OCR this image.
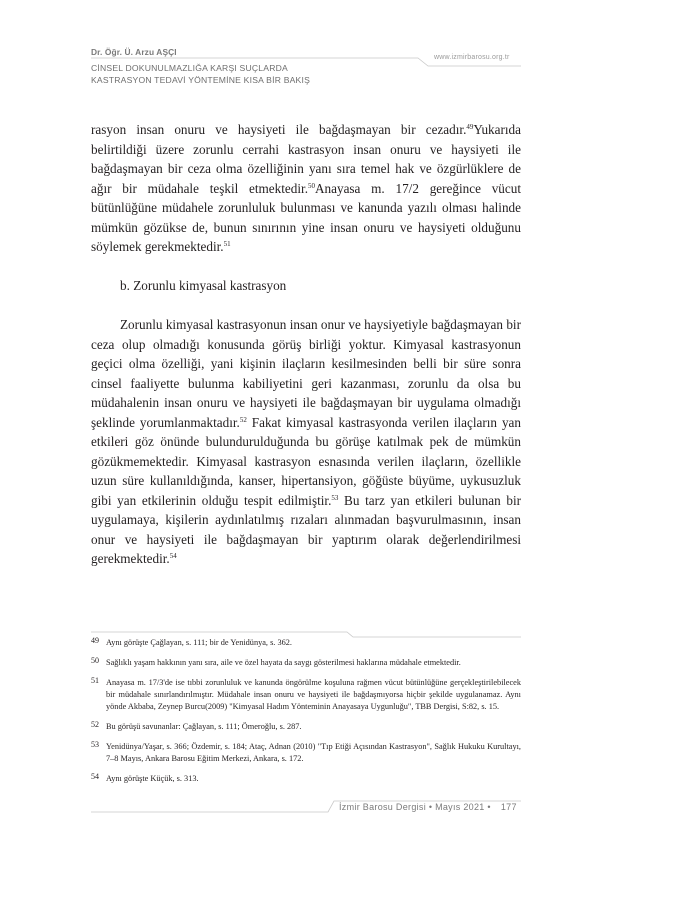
Dr. Öğr. Ü. Arzu AŞÇI
CİNSEL DOKUNULMAZLIĞA KARŞI SUÇLARDA
KASTRASYON TEDAVİ YÖNTEMİNE KISA BİR BAKIŞ
www.izmirbarosu.org.tr

rasyon insan onuru ve haysiyeti ile bağdaşmayan bir cezadır.$^{49}$Yukarıda belirtildiği üzere zorunlu cerrahi kastrasyon insan onuru ve haysiyeti ile bağdaşmayan bir ceza olma özelliğinin yanı sıra temel hak ve özgürlüklere de ağır bir müdahale teşkil etmektedir.$^{50}$Anayasa m. 17/2 gereğince vücut bütünlüğüne müdahele zorunluluk bulunması ve kanunda yazılı olması halinde mümkün gözükse de, bunun sınırının yine insan onuru ve haysiyeti olduğunu söylemek gerekmektedir.$^{51}$

b. Zorunlu kimyasal kastrasyon

Zorunlu kimyasal kastrasyonun insan onur ve haysiyetiyle bağdaşmayan bir ceza olup olmadığı konusunda görüş birliği yoktur. Kimyasal kastrasyonun geçici olma özelliği, yani kişinin ilaçların kesilmesinden belli bir süre sonra cinsel faaliyette bulunma kabiliyetini geri kazanması, zorunlu da olsa bu müdahalenin insan onuru ve haysiyeti ile bağdaşmayan bir uygulama olmadığı şeklinde yorumlanmaktadır.$^{52}$ Fakat kimyasal kastrasyonda verilen ilaçların yan etkileri göz önünde bulundurulduğunda bu görüşe katılmak pek de mümkün gözükmemektedir. Kimyasal kastrasyon esnasında verilen ilaçların, özellikle uzun süre kullanıldığında, kanser, hipertansiyon, göğüste büyüme, uykusuzluk gibi yan etkilerinin olduğu tespit edilmiştir.$^{53}$ Bu tarz yan etkileri bulunan bir uygulamaya, kişilerin aydınlatılmış rızaları alınmadan başvurulmasının, insan onur ve haysiyeti ile bağdaşmayan bir yaptırım olarak değerlendirilmesi gerekmektedir.$^{54}$

49 Aynı görüşte Çağlayan, s. 111; bir de Yenidünya, s. 362.
50 Sağlıklı yaşam hakkının yanı sıra, aile ve özel hayata da saygı gösterilmesi haklarına müdahale etmektedir.
51 Anayasa m. 17/3'de ise tıbbi zorunluluk ve kanunda öngörülme koşuluna rağmen vücut bütünlüğüne gerçekleştirilebilecek bir müdahale sınırlandırılmıştır. Müdahale insan onuru ve haysiyeti ile bağdaşmıyorsa hiçbir şekilde uygulanamaz. Aynı yönde Akbaba, Zeynep Burcu(2009) "Kimyasal Hadım Yönteminin Anayasaya Uygunluğu", TBB Dergisi, S:82, s. 15.
52 Bu görüşü savunanlar: Çağlayan, s. 111; Ömeroğlu, s. 287.
53 Yenidünya/Yaşar, s. 366; Özdemir, s. 184; Ataç, Adnan (2010) "Tıp Etiği Açısından Kastrasyon", Sağlık Hukuku Kurultayı, 7–8 Mayıs, Ankara Barosu Eğitim Merkezi, Ankara, s. 172.
54 Aynı görüşte Küçük, s. 313.
İzmir Barosu Dergisi • Mayıs 2021 • 177
